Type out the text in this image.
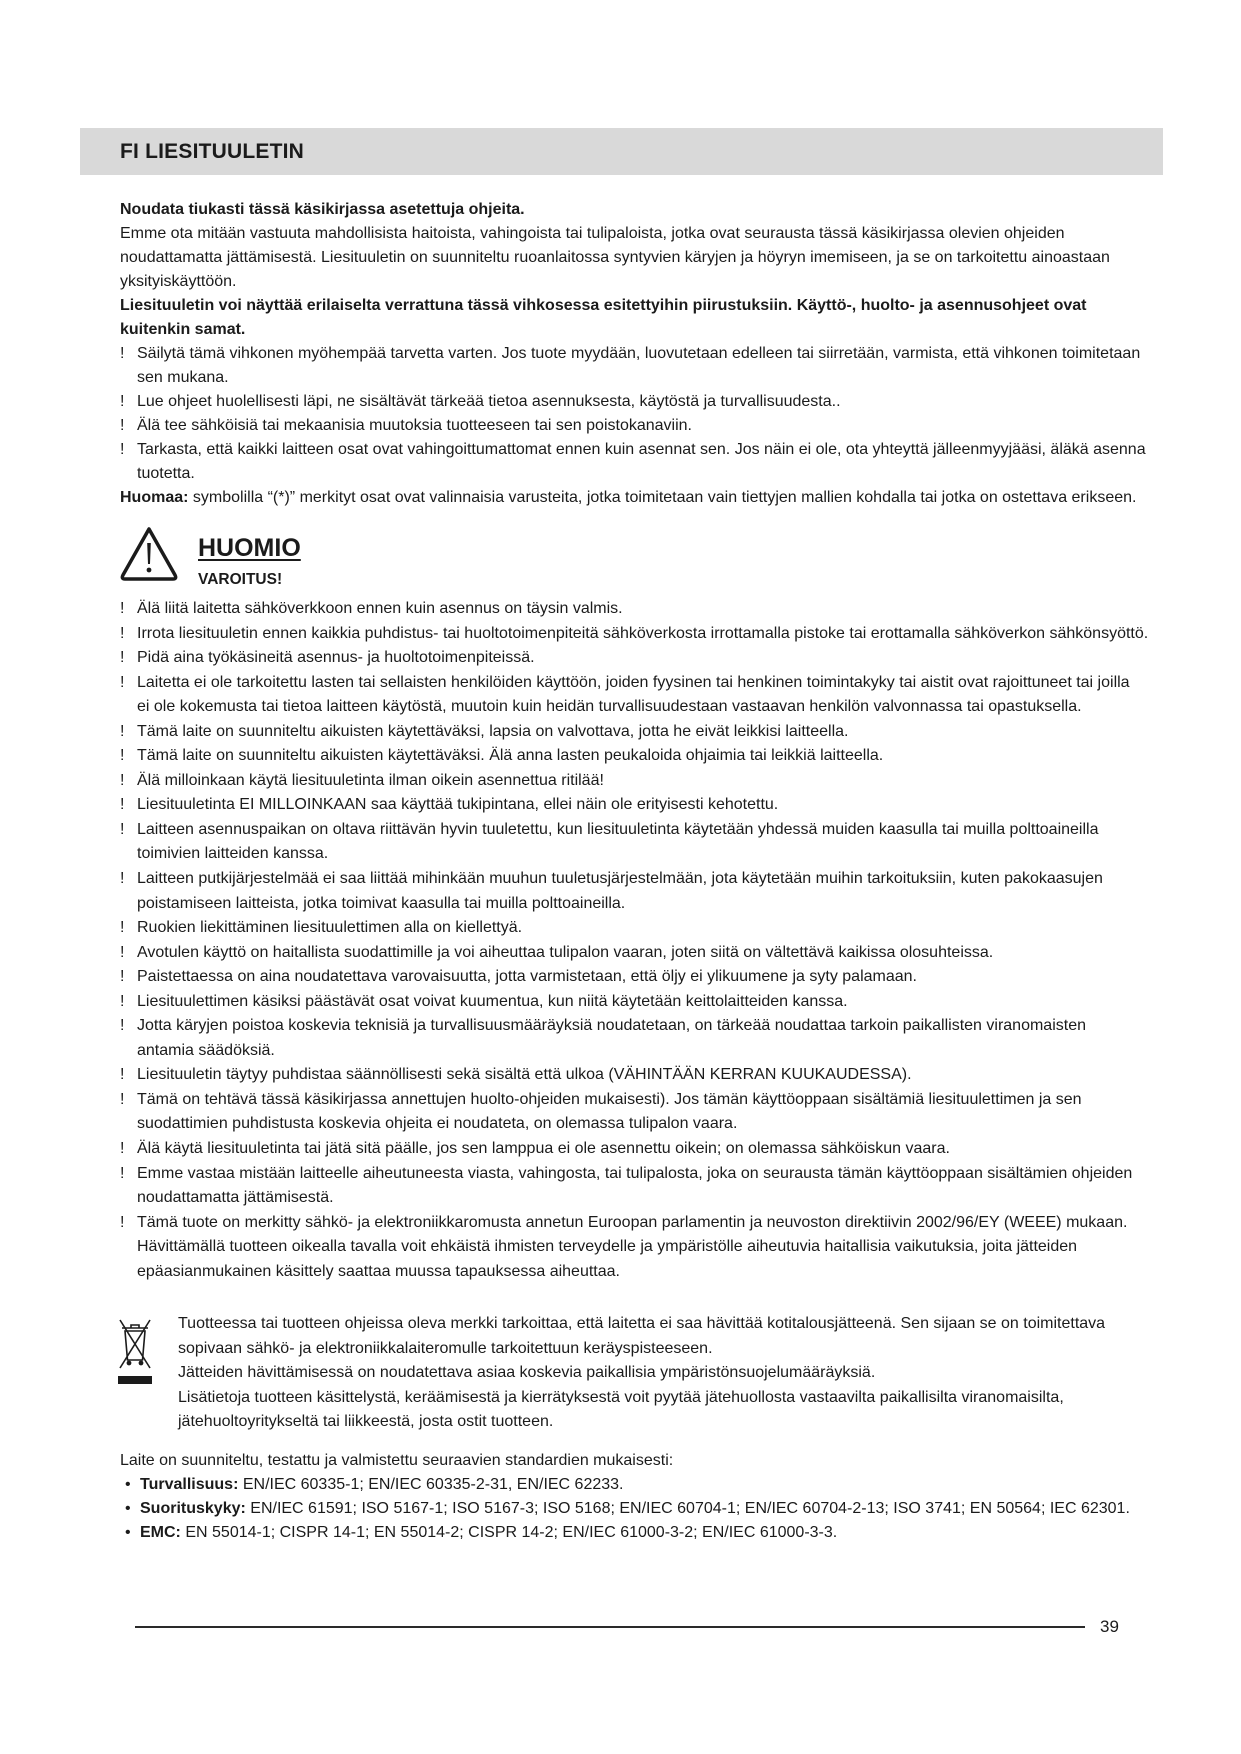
FI LIESITUULETIN

Noudata tiukasti tässä käsikirjassa asetettuja ohjeita.

Emme ota mitään vastuuta mahdollisista haitoista, vahingoista tai tulipaloista, jotka ovat seurausta tässä käsikirjassa olevien ohjeiden
noudattamatta jättämisestä. Liesituuletin on suunniteltu ruoanlaitossa syntyvien käryjen ja höyryn imemiseen, ja se on tarkoitettu ainoastaan
yksityiskäyttöön.

Liesituuletin voi näyttää erilaiselta verrattuna tässä vihkosessa esitettyihin piirustuksiin. Käyttö-, huolto- ja asennusohjeet ovat
kuitenkin samat.

! Säilytä tämä vihkonen myöhempää tarvetta varten. Jos tuote myydään, luovutetaan edelleen tai siirretään, varmista, että vihkonen toimitetaan
sen mukana.
! Lue ohjeet huolellisesti läpi, ne sisältävät tärkeää tietoa asennuksesta, käytöstä ja turvallisuudesta..
! Älä tee sähköisiä tai mekaanisia muutoksia tuotteeseen tai sen poistokanaviin.
! Tarkasta, että kaikki laitteen osat ovat vahingoittumattomat ennen kuin asennat sen. Jos näin ei ole, ota yhteyttä jälleenmyyjääsi, äläkä asenna
tuotetta.

Huomaa: symbolilla “(*)” merkityt osat ovat valinnaisia varusteita, jotka toimitetaan vain tiettyjen mallien kohdalla tai jotka on ostettava erikseen.

HUOMIO
VAROITUS!
! Älä liitä laitetta sähköverkkoon ennen kuin asennus on täysin valmis.
! Irrota liesituuletin ennen kaikkia puhdistus- tai huoltotoimenpiteitä sähköverkosta irrottamalla pistoke tai erottamalla sähköverkon sähkönsyöttö.
! Pidä aina työkäsineitä asennus- ja huoltotoimenpiteissä.
! Laitetta ei ole tarkoitettu lasten tai sellaisten henkilöiden käyttöön, joiden fyysinen tai henkinen toimintakyky tai aistit ovat rajoittuneet tai joilla
ei ole kokemusta tai tietoa laitteen käytöstä, muutoin kuin heidän turvallisuudestaan vastaavan henkilön valvonnassa tai opastuksella.
! Tämä laite on suunniteltu aikuisten käytettäväksi, lapsia on valvottava, jotta he eivät leikkisi laitteella.
! Tämä laite on suunniteltu aikuisten käytettäväksi. Älä anna lasten peukaloida ohjaimia tai leikkiä laitteella.
! Älä milloinkaan käytä liesituuletinta ilman oikein asennettua ritilää!
! Liesituuletinta EI MILLOINKAAN saa käyttää tukipintana, ellei näin ole erityisesti kehotettu.
! Laitteen asennuspaikan on oltava riittävän hyvin tuuletettu, kun liesituuletinta käytetään yhdessä muiden kaasulla tai muilla polttoaineilla
toimivien laitteiden kanssa.
! Laitteen putkijärjestelmää ei saa liittää mihinkään muuhun tuuletusjärjestelmään, jota käytetään muihin tarkoituksiin, kuten pakokaasujen
poistamiseen laitteista, jotka toimivat kaasulla tai muilla polttoaineilla.
! Ruokien liekittäminen liesituulettimen alla on kiellettyä.
! Avotulen käyttö on haitallista suodattimille ja voi aiheuttaa tulipalon vaaran, joten siitä on vältettävä kaikissa olosuhteissa.
! Paistettaessa on aina noudatettava varovaisuutta, jotta varmistetaan, että öljy ei ylikuumene ja syty palamaan.
! Liesituulettimen käsiksi päästävät osat voivat kuumentua, kun niitä käytetään keittolaitteiden kanssa.
! Jotta käryjen poistoa koskevia teknisiä ja turvallisuusmääräyksiä noudatetaan, on tärkeää noudattaa tarkoin paikallisten viranomaisten
antamia säädöksiä.
! Liesituuletin täytyy puhdistaa säännöllisesti sekä sisältä että ulkoa (VÄHINTÄÄN KERRAN KUUKAUDESSA).
! Tämä on tehtävä tässä käsikirjassa annettujen huolto-ohjeiden mukaisesti). Jos tämän käyttöoppaan sisältämiä liesituulettimen ja sen
suodattimien puhdistusta koskevia ohjeita ei noudateta, on olemassa tulipalon vaara.
! Älä käytä liesituuletinta tai jätä sitä päälle, jos sen lamppua ei ole asennettu oikein; on olemassa sähköiskun vaara.
! Emme vastaa mistään laitteelle aiheutuneesta viasta, vahingosta, tai tulipalosta, joka on seurausta tämän käyttöoppaan sisältämien ohjeiden
noudattamatta jättämisestä.
! Tämä tuote on merkitty sähkö- ja elektroniikkaromusta annetun Euroopan parlamentin ja neuvoston direktiivin 2002/96/EY (WEEE) mukaan.
Hävittämällä tuotteen oikealla tavalla voit ehkäistä ihmisten terveydelle ja ympäristölle aiheutuvia haitallisia vaikutuksia, joita jätteiden
epäasianmukainen käsittely saattaa muussa tapauksessa aiheuttaa.

Tuotteessa tai tuotteen ohjeissa oleva merkki tarkoittaa, että laitetta ei saa hävittää kotitalousjätteenä. Sen sijaan se on toimitettava
sopivaan sähkö- ja elektroniikkalaiteromulle tarkoitettuun keräyspisteeseen.

Jätteiden hävittämisessä on noudatettava asiaa koskevia paikallisia ympäristönsuojelumääräyksiä.

Lisätietoja tuotteen käsittelystä, keräämisestä ja kierrätyksestä voit pyytää jätehuollosta vastaavilta paikallisilta viranomaisilta,
jätehuoltoyritykseltä tai liikkeestä, josta ostit tuotteen.

Laite on suunniteltu, testattu ja valmistettu seuraavien standardien mukaisesti:

• Turvallisuus: EN/IEC 60335-1; EN/IEC 60335-2-31, EN/IEC 62233.
• Suorituskyky: EN/IEC 61591; ISO 5167-1; ISO 5167-3; ISO 5168; EN/IEC 60704-1; EN/IEC 60704-2-13; ISO 3741; EN 50564; IEC 62301.
• EMC: EN 55014-1; CISPR 14-1; EN 55014-2; CISPR 14-2; EN/IEC 61000-3-2; EN/IEC 61000-3-3.
39
